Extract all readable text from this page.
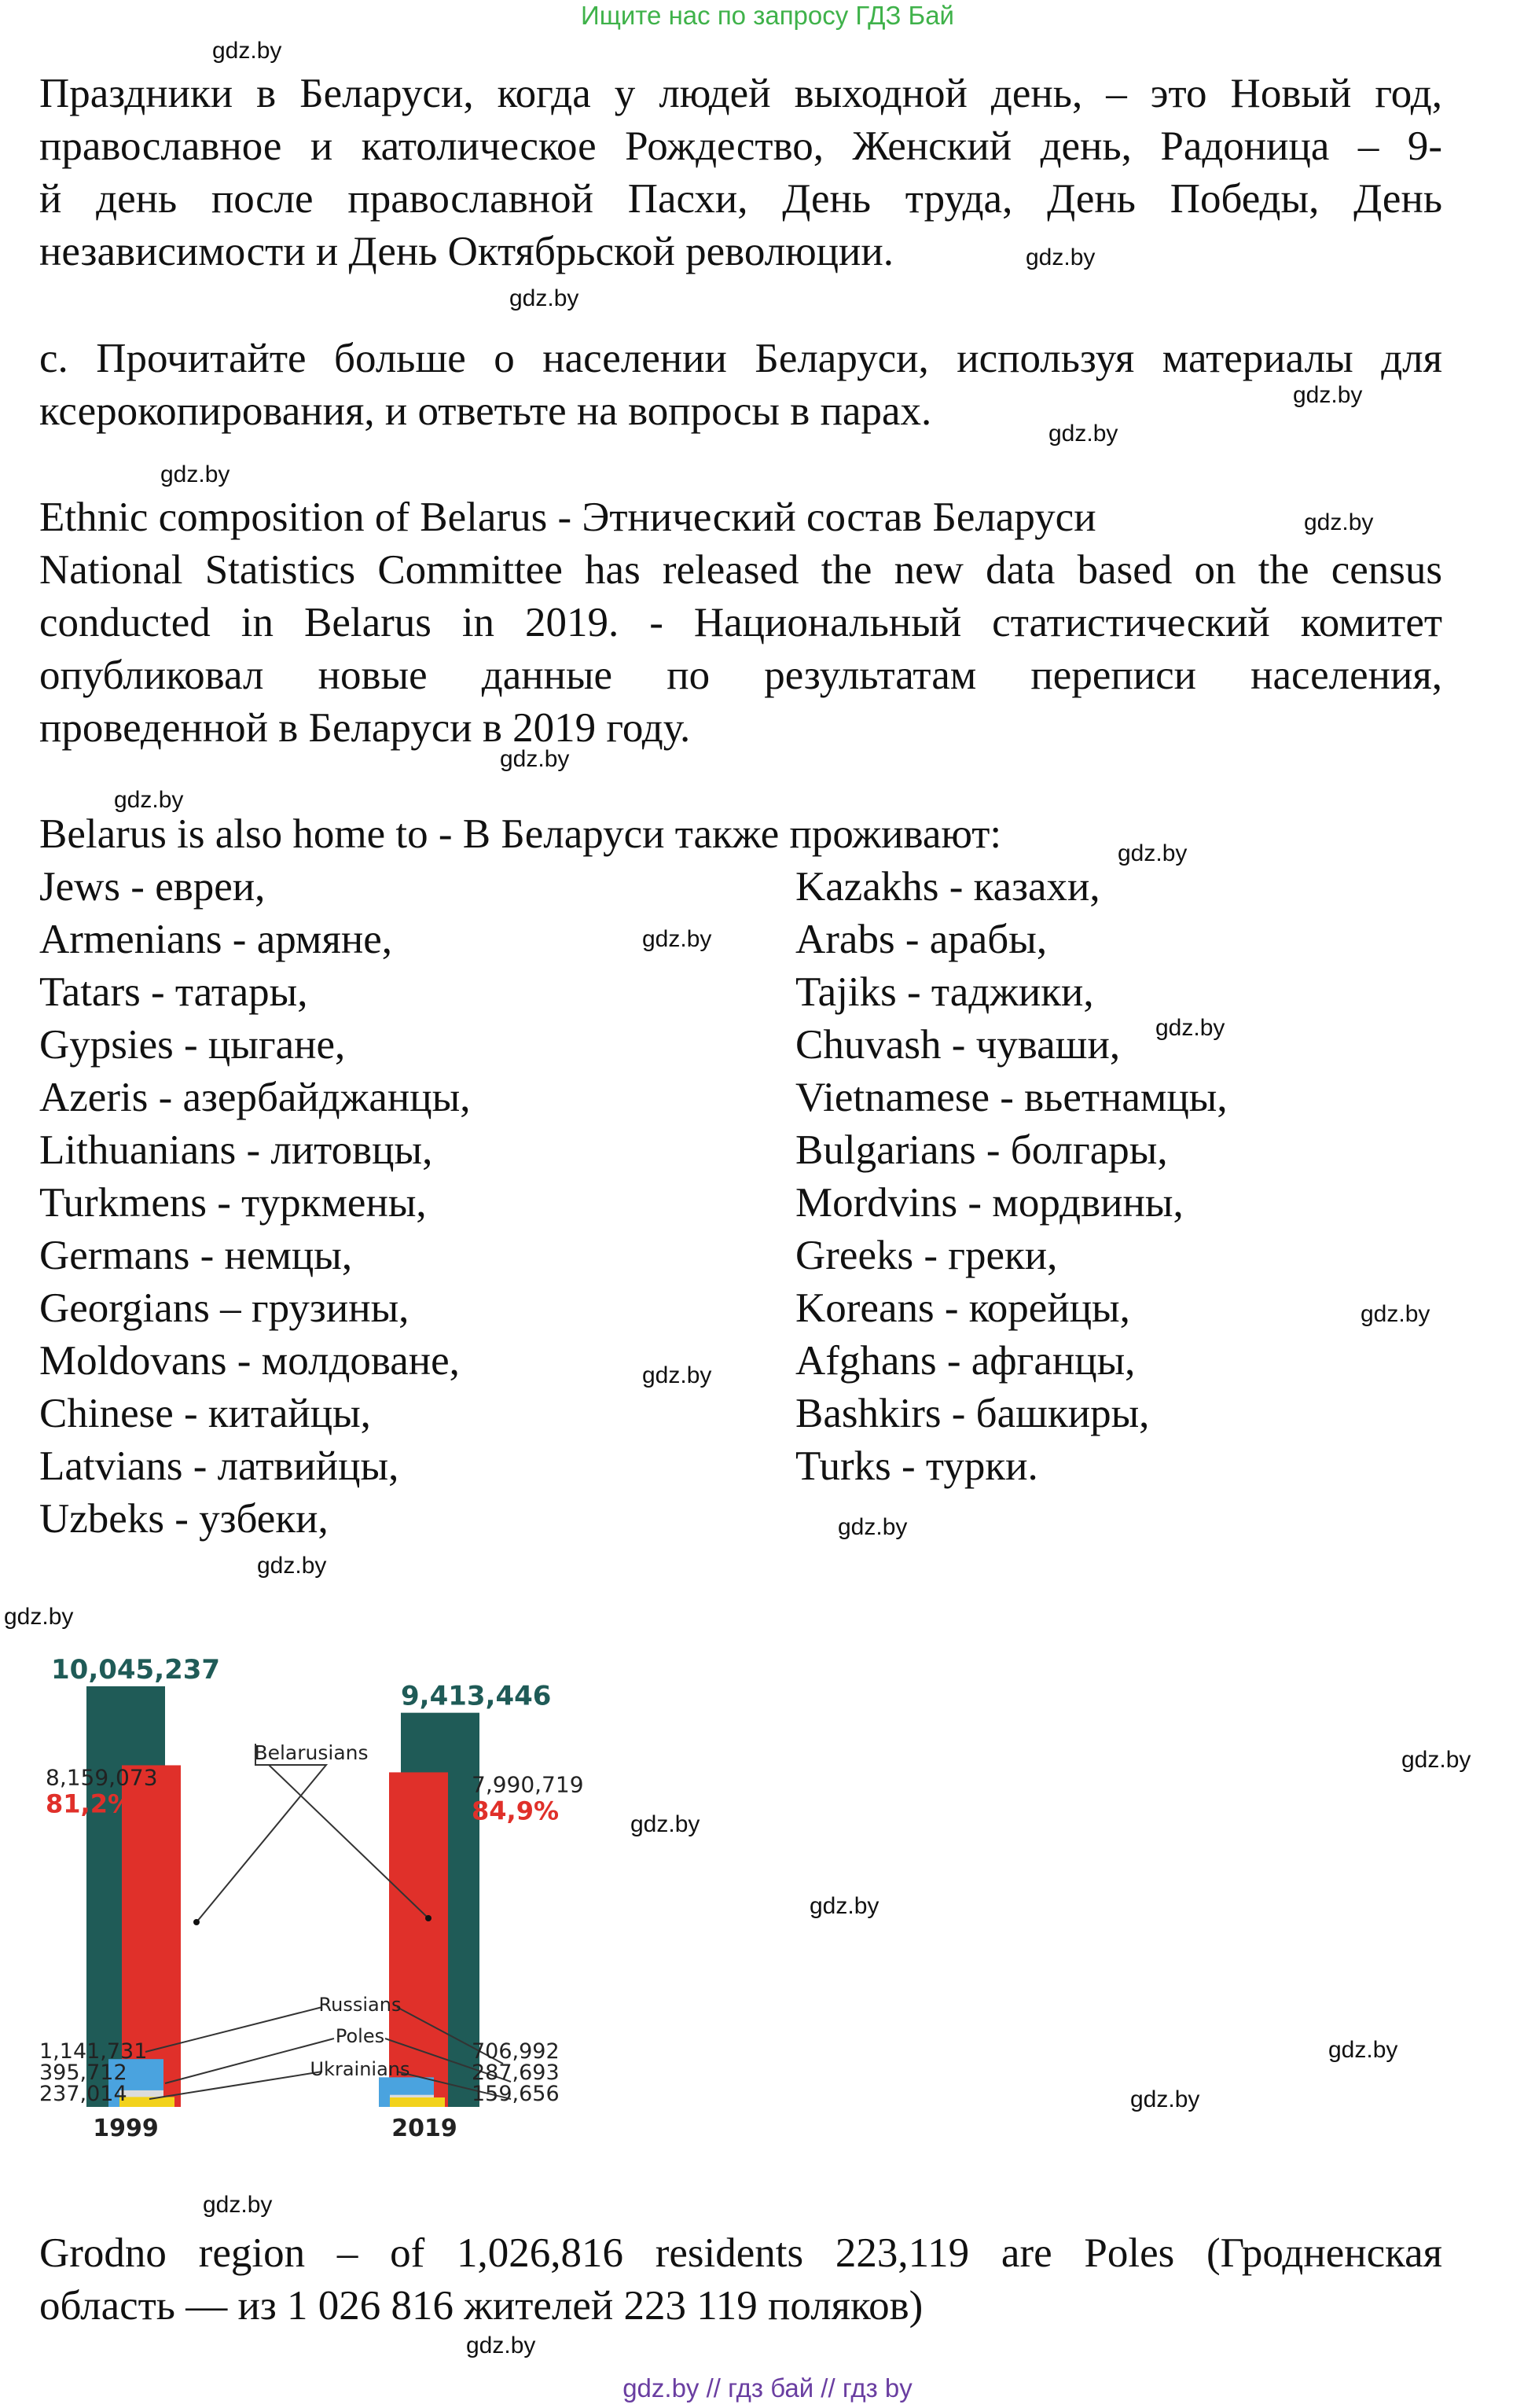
Ищите нас по запросу ГДЗ Бай
Праздники в Беларуси, когда у людей выходной день, – это Новый год,
православное и католическое Рождество, Женский день, Радоница – 9-
й день после православной Пасхи, День труда, День Победы, День
независимости и День Октябрьской революции.
с. Прочитайте больше о населении Беларуси, используя материалы для
ксерокопирования, и ответьте на вопросы в парах.
Ethnic composition of Belarus - Этнический состав Беларуси
National Statistics Committee has released the new data based on the census
conducted in Belarus in 2019. - Национальный статистический комитет
опубликовал новые данные по результатам переписи населения,
проведенной в Беларуси в 2019 году.
Belarus is also home to - В Беларуси также проживают:
Jews - евреи,
Armenians - армяне,
Tatars - татары,
Gypsies - цыгане,
Azeris - азербайджанцы,
Lithuanians - литовцы,
Turkmens - туркмены,
Germans - немцы,
Georgians – грузины,
Moldovans - молдоване,
Chinese - китайцы,
Latvians - латвийцы,
Uzbeks - узбеки,
Kazakhs - казахи,
Arabs - арабы,
Tajiks - таджики,
Chuvash - чуваши,
Vietnamese - вьетнамцы,
Bulgarians - болгары,
Mordvins - мордвины,
Greeks - греки,
Koreans - корейцы,
Afghans - афганцы,
Bashkirs - башкиры,
Turks - турки.
10,045,237
8,159,073
81,2%
1,141,731
395,712
237,014
1999
9,413,446
7,990,719
84,9%
706,992
287,693
159,656
2019
Belarusians
Russians
Poles
Ukrainians
Grodno region – of 1,026,816 residents 223,119 are Poles (Гродненская
область — из 1 026 816 жителей 223 119 поляков)
gdz.by
gdz.by
gdz.by
gdz.by
gdz.by
gdz.by
gdz.by
gdz.by
gdz.by
gdz.by
gdz.by
gdz.by
gdz.by
gdz.by
gdz.by
gdz.by
gdz.by
gdz.by
gdz.by
gdz.by
gdz.by
gdz.by
gdz.by
gdz.by
gdz.by // гдз бай // гдз by
